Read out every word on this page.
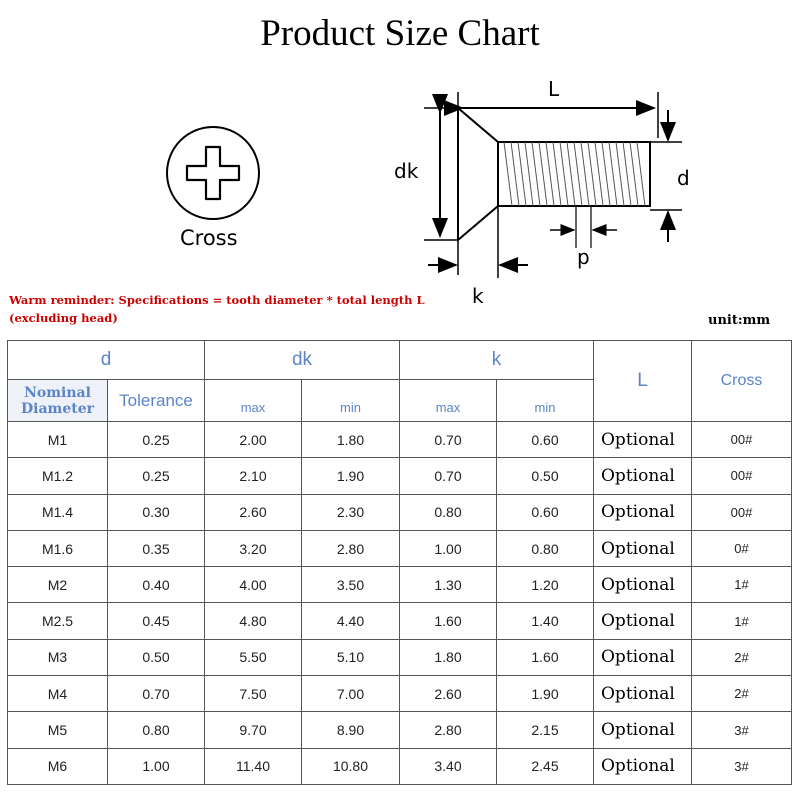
Product Size Chart
Cross
L
dk	d
p
k
Warm reminder: Specifications = tooth diameter * total length L (excluding head)	unit:mm
d		dk		k		L	Cross
Nominal Diameter	Tolerance	max	min	max	min		
M1	0.25	2.00	1.80	0.70	0.60	Optional	00#
M1.2	0.25	2.10	1.90	0.70	0.50	Optional	00#
M1.4	0.30	2.60	2.30	0.80	0.60	Optional	00#
M1.6	0.35	3.20	2.80	1.00	0.80	Optional	0#
M2	0.40	4.00	3.50	1.30	1.20	Optional	1#
M2.5	0.45	4.80	4.40	1.60	1.40	Optional	1#
M3	0.50	5.50	5.10	1.80	1.60	Optional	2#
M4	0.70	7.50	7.00	2.60	1.90	Optional	2#
M5	0.80	9.70	8.90	2.80	2.15	Optional	3#
M6	1.00	11.40	10.80	3.40	2.45	Optional	3#
